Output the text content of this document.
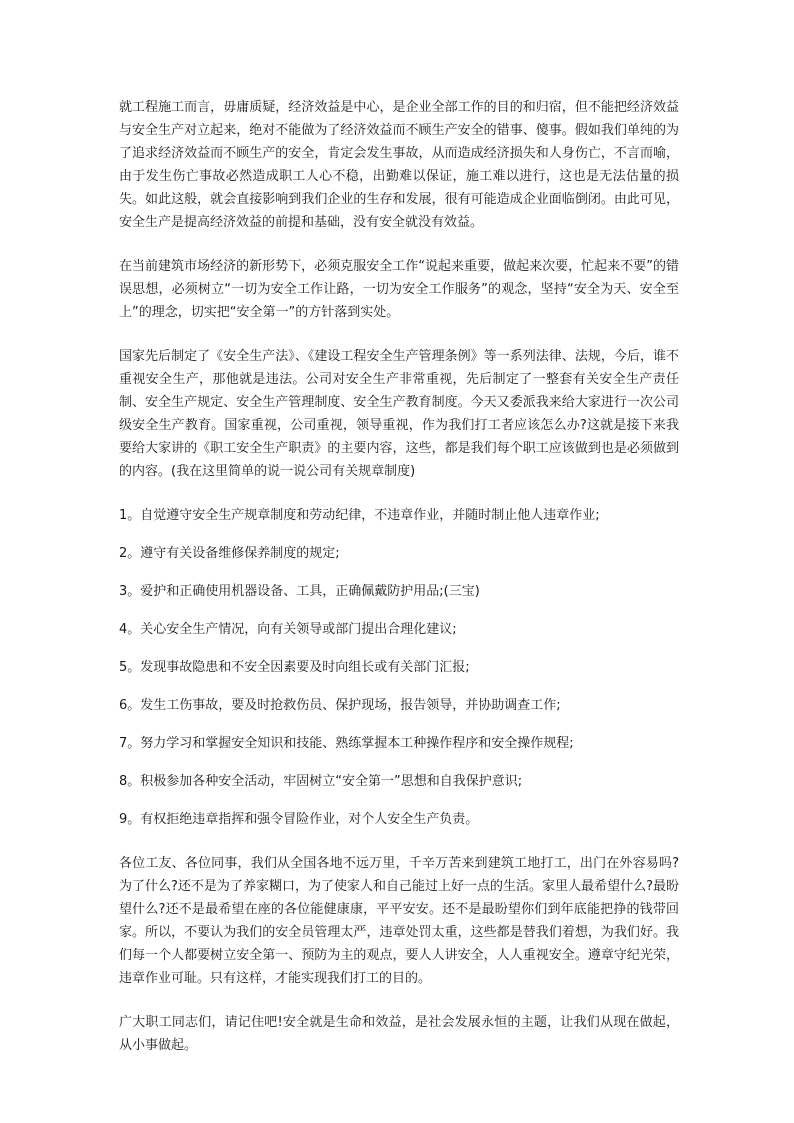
就工程施工而言，毋庸质疑，经济效益是中心，是企业全部工作的目的和归宿，但不能把经济效益与安全生产对立起来，绝对不能做为了经济效益而不顾生产安全的错事、傻事。假如我们单纯的为了追求经济效益而不顾生产的安全，肯定会发生事故，从而造成经济损失和人身伤亡，不言而喻，由于发生伤亡事故必然造成职工人心不稳，出勤难以保证，施工难以进行，这也是无法估量的损失。如此这般，就会直接影响到我们企业的生存和发展，很有可能造成企业面临倒闭。由此可见，安全生产是提高经济效益的前提和基础，没有安全就没有效益。

在当前建筑市场经济的新形势下，必须克服安全工作“说起来重要，做起来次要，忙起来不要”的错误思想，必须树立“一切为安全工作让路，一切为安全工作服务”的观念，坚持“安全为天、安全至上”的理念，切实把“安全第一”的方针落到实处。

国家先后制定了《安全生产法》、《建设工程安全生产管理条例》等一系列法律、法规，今后，谁不重视安全生产，那他就是违法。公司对安全生产非常重视，先后制定了一整套有关安全生产责任制、安全生产规定、安全生产管理制度、安全生产教育制度。今天又委派我来给大家进行一次公司级安全生产教育。国家重视，公司重视，领导重视，作为我们打工者应该怎么办?这就是接下来我要给大家讲的《职工安全生产职责》的主要内容，这些，都是我们每个职工应该做到也是必须做到的内容。(我在这里简单的说一说公司有关规章制度)

1。自觉遵守安全生产规章制度和劳动纪律，不违章作业，并随时制止他人违章作业;

2。遵守有关设备维修保养制度的规定;

3。爱护和正确使用机器设备、工具，正确佩戴防护用品;(三宝)

4。关心安全生产情况，向有关领导或部门提出合理化建议;

5。发现事故隐患和不安全因素要及时向组长或有关部门汇报;

6。发生工伤事故，要及时抢救伤员、保护现场，报告领导，并协助调查工作;

7。努力学习和掌握安全知识和技能、熟练掌握本工种操作程序和安全操作规程;

8。积极参加各种安全活动，牢固树立“安全第一”思想和自我保护意识;

9。有权拒绝违章指挥和强令冒险作业，对个人安全生产负责。

各位工友、各位同事，我们从全国各地不远万里，千辛万苦来到建筑工地打工，出门在外容易吗?为了什么?还不是为了养家糊口，为了使家人和自己能过上好一点的生活。家里人最希望什么?最盼望什么?还不是最希望在座的各位能健康康，平平安安。还不是最盼望你们到年底能把挣的钱带回家。所以，不要认为我们的安全员管理太严，违章处罚太重，这些都是替我们着想，为我们好。我们每一个人都要树立安全第一、预防为主的观点，要人人讲安全，人人重视安全。遵章守纪光荣，违章作业可耻。只有这样，才能实现我们打工的目的。

广大职工同志们，请记住吧!安全就是生命和效益，是社会发展永恒的主题，让我们从现在做起，从小事做起。
